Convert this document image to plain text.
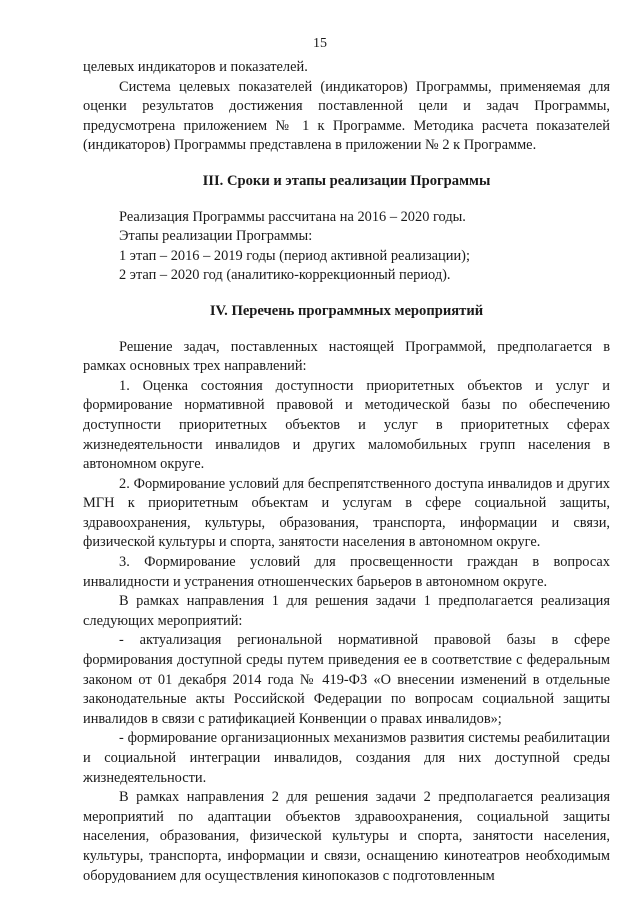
15

целевых индикаторов и показателей.

Система целевых показателей (индикаторов) Программы, применяемая для оценки результатов достижения поставленной цели и задач Программы, предусмотрена приложением № 1 к Программе. Методика расчета показателей (индикаторов) Программы представлена в приложении № 2 к Программе.

III. Сроки и этапы реализации Программы

Реализация Программы рассчитана на 2016 – 2020 годы.

Этапы реализации Программы:

1 этап – 2016 – 2019 годы (период активной реализации);

2 этап – 2020 год (аналитико-коррекционный период).

IV. Перечень программных мероприятий

Решение задач, поставленных настоящей Программой, предполагается в рамках основных трех направлений:

1. Оценка состояния доступности приоритетных объектов и услуг и формирование нормативной правовой и методической базы по обеспечению доступности приоритетных объектов и услуг в приоритетных сферах жизнедеятельности инвалидов и других маломобильных групп населения в автономном округе.

2. Формирование условий для беспрепятственного доступа инвалидов и других МГН к приоритетным объектам и услугам в сфере социальной защиты, здравоохранения, культуры, образования, транспорта, информации и связи, физической культуры и спорта, занятости населения в автономном округе.

3. Формирование условий для просвещенности граждан в вопросах инвалидности и устранения отношенческих барьеров в автономном округе.

В рамках направления 1 для решения задачи 1 предполагается реализация следующих мероприятий:

- актуализация региональной нормативной правовой базы в сфере формирования доступной среды путем приведения ее в соответствие с федеральным законом от 01 декабря 2014 года № 419-ФЗ «О внесении изменений в отдельные законодательные акты Российской Федерации по вопросам социальной защиты инвалидов в связи с ратификацией Конвенции о правах инвалидов»;

- формирование организационных механизмов развития системы реабилитации и социальной интеграции инвалидов, создания для них доступной среды жизнедеятельности.

В рамках направления 2 для решения задачи 2 предполагается реализация мероприятий по адаптации объектов здравоохранения, социальной защиты населения, образования, физической культуры и спорта, занятости населения, культуры, транспорта, информации и связи, оснащению кинотеатров необходимым оборудованием для осуществления кинопоказов с подготовленным
